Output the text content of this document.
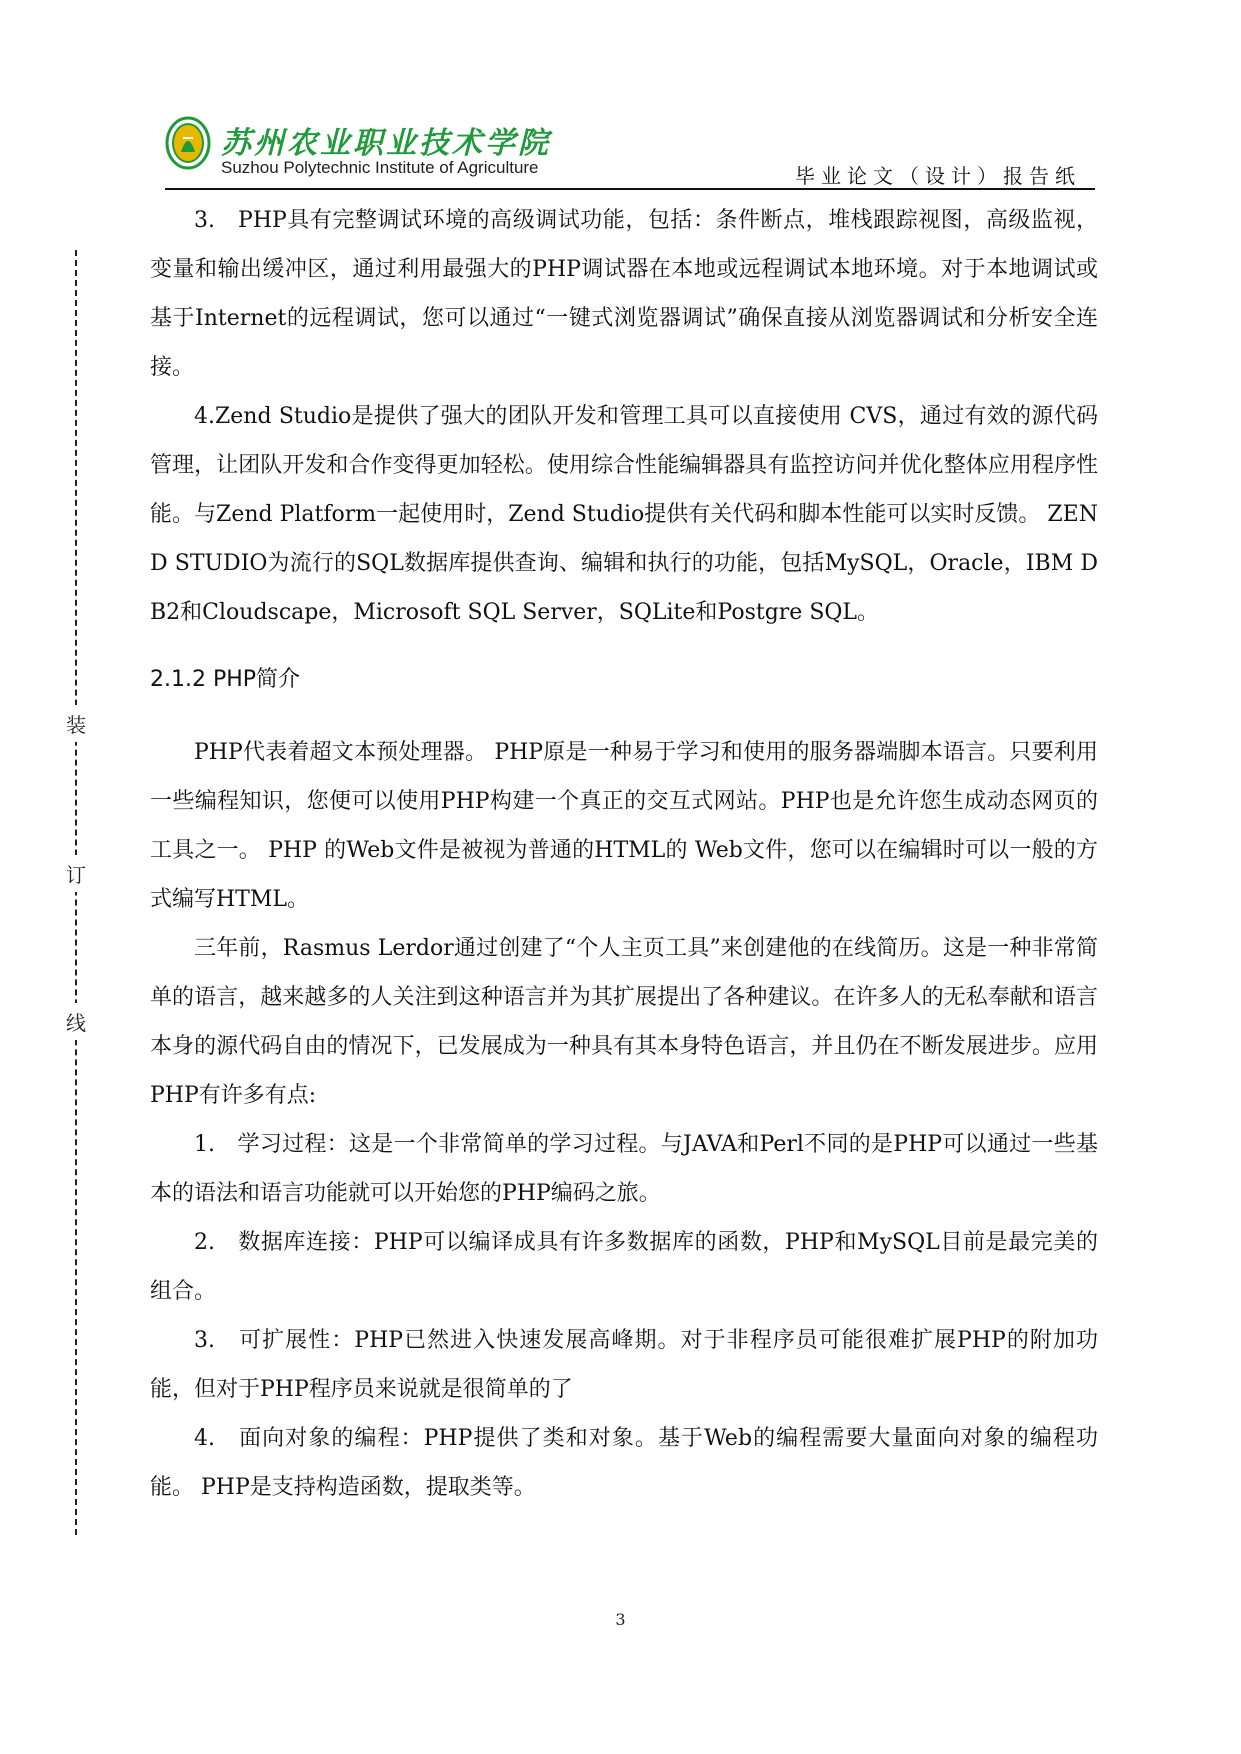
苏州农业职业技术学院
Suzhou Polytechnic Institute of Agriculture	毕业论文（设计）报告纸
装
订
线

3.　PHP具有完整调试环境的高级调试功能，包括：条件断点，堆栈跟踪视图，高级监视，变量和输出缓冲区，通过利用最强大的PHP调试器在本地或远程调试本地环境。对于本地调试或基于Internet的远程调试，您可以通过“一键式浏览器调试”确保直接从浏览器调试和分析安全连接。

4.Zend Studio是提供了强大的团队开发和管理工具可以直接使用 CVS，通过有效的源代码管理，让团队开发和合作变得更加轻松。使用综合性能编辑器具有监控访问并优化整体应用程序性能。与Zend Platform一起使用时，Zend Studio提供有关代码和脚本性能可以实时反馈。 ZEND STUDIO为流行的SQL数据库提供查询、编辑和执行的功能，包括MySQL，Oracle，IBM DB2和Cloudscape，Microsoft SQL Server，SQLite和Postgre SQL。

2.1.2 PHP简介

PHP代表着超文本预处理器。 PHP原是一种易于学习和使用的服务器端脚本语言。只要利用一些编程知识，您便可以使用PHP构建一个真正的交互式网站。PHP也是允许您生成动态网页的工具之一。 PHP 的Web文件是被视为普通的HTML的 Web文件，您可以在编辑时可以一般的方式编写HTML。

三年前，Rasmus Lerdor通过创建了“个人主页工具”来创建他的在线简历。这是一种非常简单的语言，越来越多的人关注到这种语言并为其扩展提出了各种建议。在许多人的无私奉献和语言本身的源代码自由的情况下，已发展成为一种具有其本身特色语言，并且仍在不断发展进步。应用PHP有许多有点:

1.　学习过程：这是一个非常简单的学习过程。与JAVA和Perl不同的是PHP可以通过一些基本的语法和语言功能就可以开始您的PHP编码之旅。

2.　数据库连接：PHP可以编译成具有许多数据库的函数，PHP和MySQL目前是最完美的组合。

3.　可扩展性：PHP已然进入快速发展高峰期。对于非程序员可能很难扩展PHP的附加功能，但对于PHP程序员来说就是很简单的了

4.　面向对象的编程：PHP提供了类和对象。基于Web的编程需要大量面向对象的编程功能。 PHP是支持构造函数，提取类等。

3
